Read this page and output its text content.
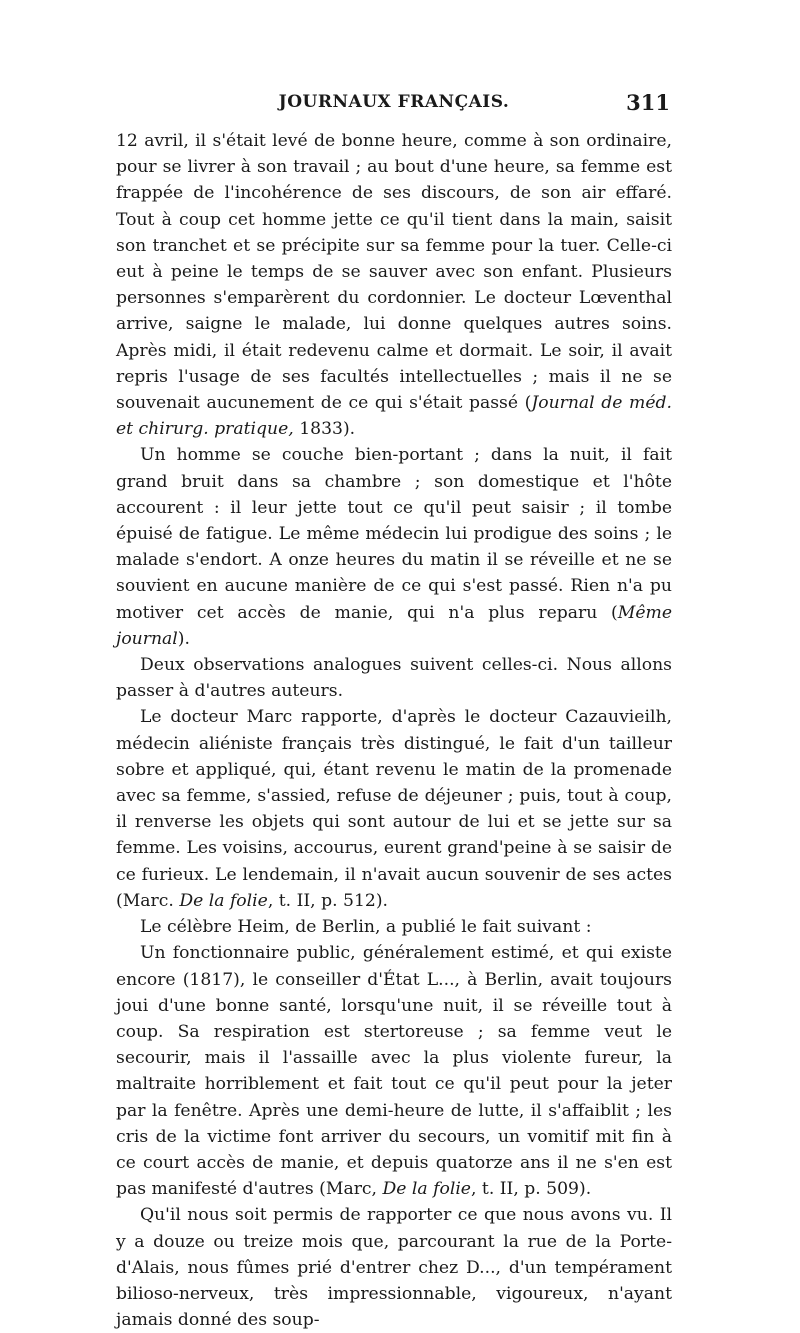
JOURNAUX FRANÇAIS.	311

12 avril, il s'était levé de bonne heure, comme à son ordinaire, pour se livrer à son travail ; au bout d'une heure, sa femme est frappée de l'incohérence de ses discours, de son air effaré. Tout à coup cet homme jette ce qu'il tient dans la main, saisit son tranchet et se précipite sur sa femme pour la tuer. Celle-ci eut à peine le temps de se sauver avec son enfant. Plusieurs personnes s'emparèrent du cordonnier. Le docteur Lœventhal arrive, saigne le malade, lui donne quelques autres soins. Après midi, il était redevenu calme et dormait. Le soir, il avait repris l'usage de ses facultés intellectuelles ; mais il ne se souvenait aucunement de ce qui s'était passé (Journal de méd. et chirurg. pratique, 1833).

Un homme se couche bien-portant ; dans la nuit, il fait grand bruit dans sa chambre ; son domestique et l'hôte accourent : il leur jette tout ce qu'il peut saisir ; il tombe épuisé de fatigue. Le même médecin lui prodigue des soins ; le malade s'endort. A onze heures du matin il se réveille et ne se souvient en aucune manière de ce qui s'est passé. Rien n'a pu motiver cet accès de manie, qui n'a plus reparu (Même journal).

Deux observations analogues suivent celles-ci. Nous allons passer à d'autres auteurs.

Le docteur Marc rapporte, d'après le docteur Cazauvieilh, médecin aliéniste français très distingué, le fait d'un tailleur sobre et appliqué, qui, étant revenu le matin de la promenade avec sa femme, s'assied, refuse de déjeuner ; puis, tout à coup, il renverse les objets qui sont autour de lui et se jette sur sa femme. Les voisins, accourus, eurent grand'peine à se saisir de ce furieux. Le lendemain, il n'avait aucun souvenir de ses actes (Marc. De la folie, t. II, p. 512).

Le célèbre Heim, de Berlin, a publié le fait suivant :

Un fonctionnaire public, généralement estimé, et qui existe encore (1817), le conseiller d'État L..., à Berlin, avait toujours joui d'une bonne santé, lorsqu'une nuit, il se réveille tout à coup. Sa respiration est stertoreuse ; sa femme veut le secourir, mais il l'assaille avec la plus violente fureur, la maltraite horriblement et fait tout ce qu'il peut pour la jeter par la fenêtre. Après une demi-heure de lutte, il s'affaiblit ; les cris de la victime font arriver du secours, un vomitif mit fin à ce court accès de manie, et depuis quatorze ans il ne s'en est pas manifesté d'autres (Marc, De la folie, t. II, p. 509).

Qu'il nous soit permis de rapporter ce que nous avons vu. Il y a douze ou treize mois que, parcourant la rue de la Porte-d'Alais, nous fûmes prié d'entrer chez D..., d'un tempérament bilioso-nerveux, très impressionnable, vigoureux, n'ayant jamais donné des soup-
